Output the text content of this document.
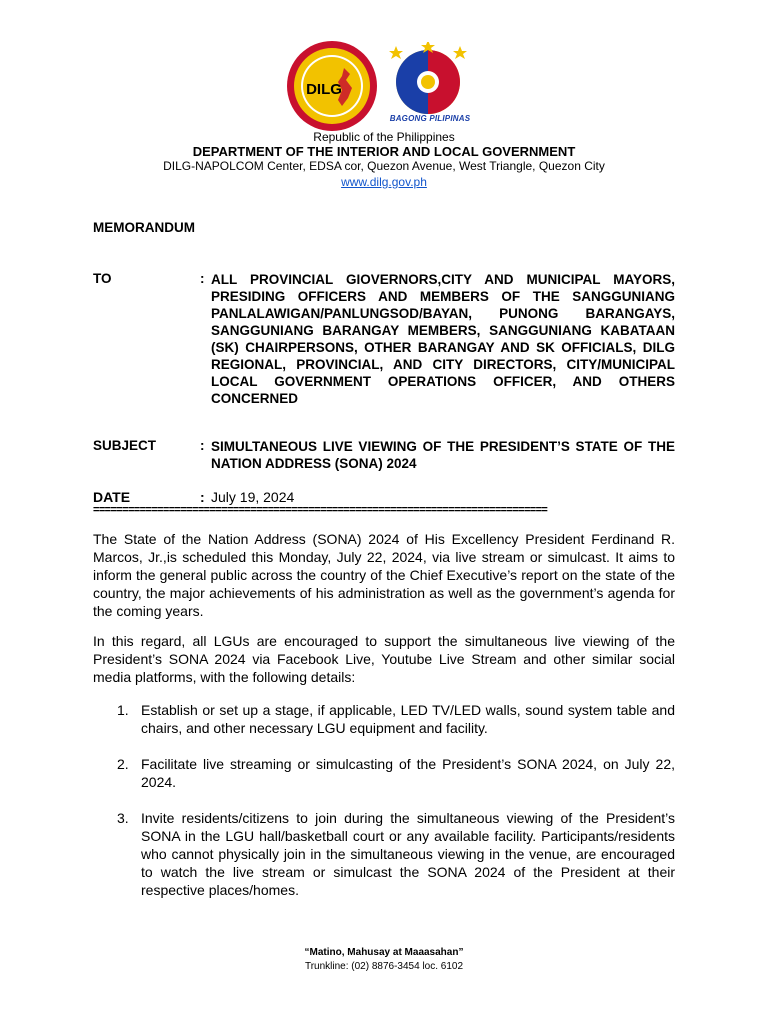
DILG
BAGONG PILIPINAS
Republic of the Philippines
DEPARTMENT OF THE INTERIOR AND LOCAL GOVERNMENT
DILG-NAPOLCOM Center, EDSA cor, Quezon Avenue, West Triangle, Quezon City
www.dilg.gov.ph
MEMORANDUM
TO	: ALL PROVINCIAL GIOVERNORS,CITY AND MUNICIPAL MAYORS, PRESIDING OFFICERS AND MEMBERS OF THE SANGGUNIANG PANLALAWIGAN/PANLUNGSOD/BAYAN, PUNONG BARANGAYS, SANGGUNIANG BARANGAY MEMBERS, SANGGUNIANG KABATAAN (SK) CHAIRPERSONS, OTHER BARANGAY AND SK OFFICIALS, DILG REGIONAL, PROVINCIAL, AND CITY DIRECTORS, CITY/MUNICIPAL LOCAL GOVERNMENT OPERATIONS OFFICER, AND OTHERS CONCERNED
SUBJECT	: SIMULTANEOUS LIVE VIEWING OF THE PRESIDENT’S STATE OF THE NATION ADDRESS (SONA) 2024
DATE	: July 19, 2024
==============================================================================
The State of the Nation Address (SONA) 2024 of His Excellency President Ferdinand R. Marcos, Jr.,is scheduled this Monday, July 22, 2024, via live stream or simulcast. It aims to inform the general public across the country of the Chief Executive’s report on the state of the country, the major achievements of his administration as well as the government’s agenda for the coming years.
In this regard, all LGUs are encouraged to support the simultaneous live viewing of the President’s SONA 2024 via Facebook Live, Youtube Live Stream and other similar social media platforms, with the following details:
1. Establish or set up a stage, if applicable, LED TV/LED walls, sound system table and chairs, and other necessary LGU equipment and facility.
2. Facilitate live streaming or simulcasting of the President’s SONA 2024, on July 22, 2024.
3. Invite residents/citizens to join during the simultaneous viewing of the President’s SONA in the LGU hall/basketball court or any available facility. Participants/residents who cannot physically join in the simultaneous viewing in the venue, are encouraged to watch the live stream or simulcast the SONA 2024 of the President at their respective places/homes.
“Matino, Mahusay at Maaasahan”
Trunkline: (02) 8876-3454 loc. 6102
